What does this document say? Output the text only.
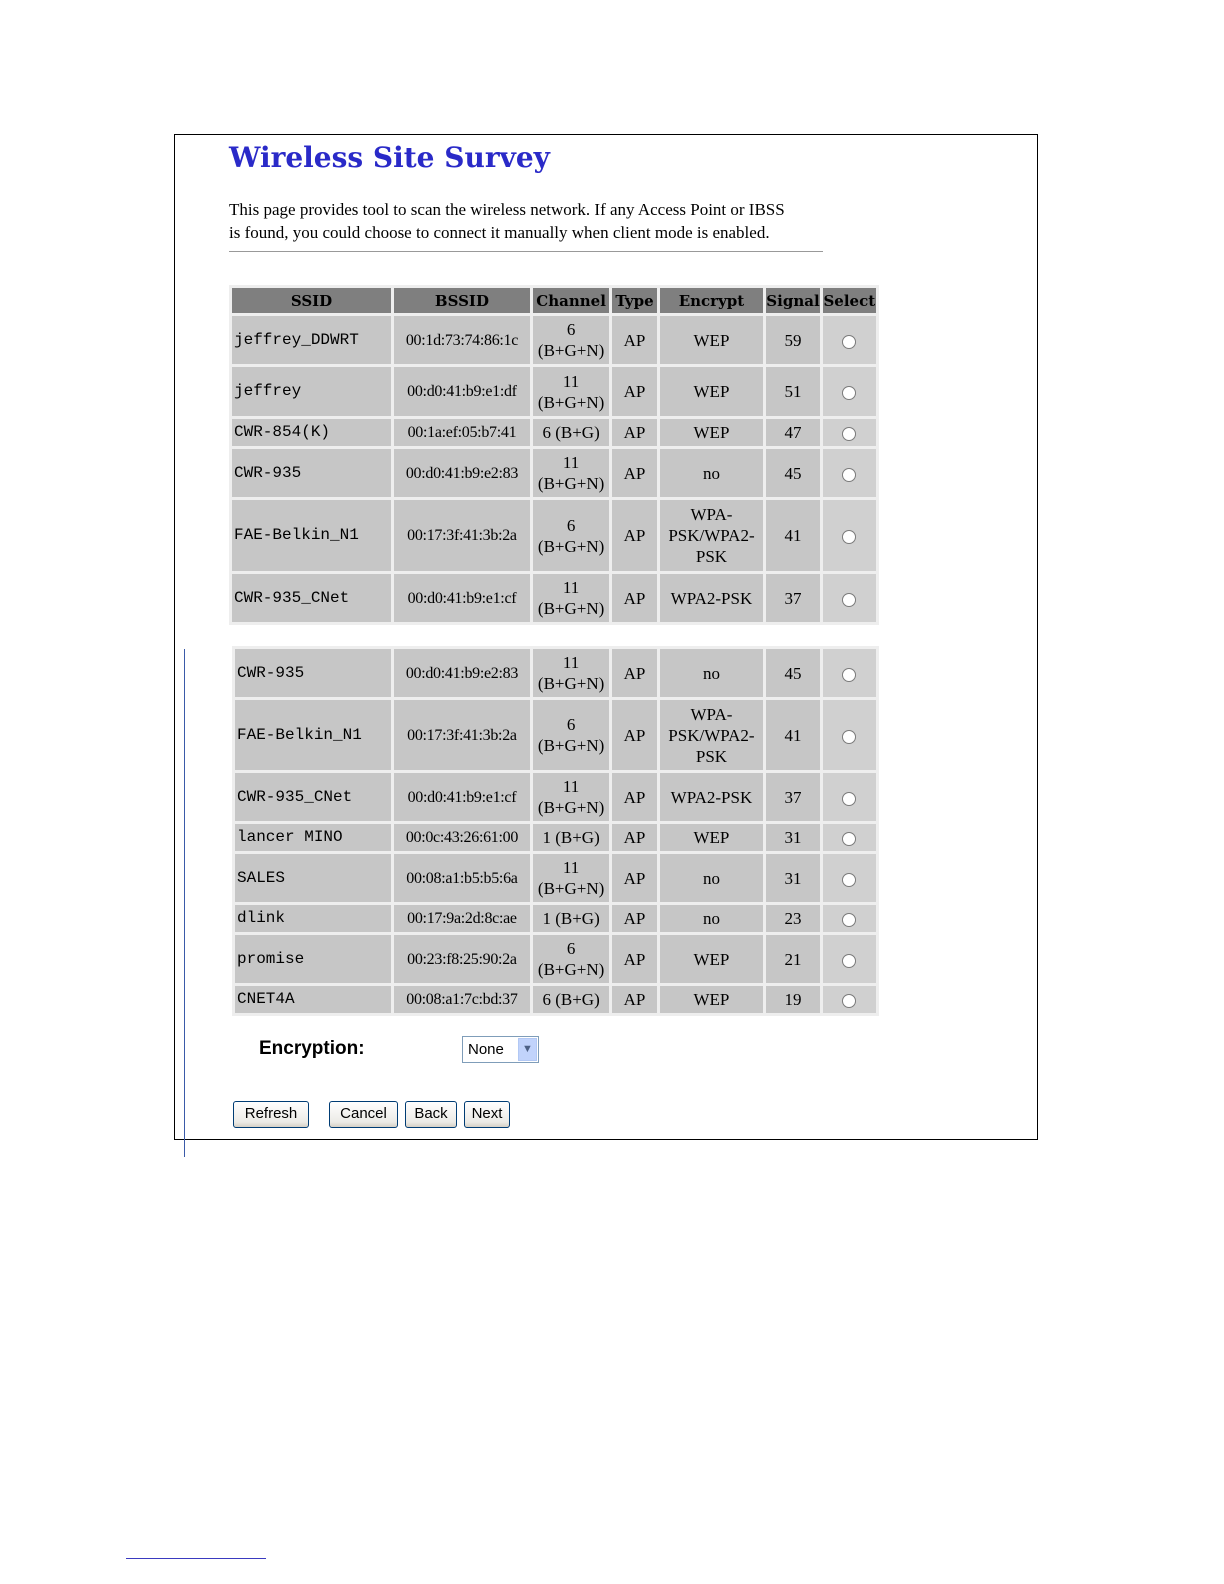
Wireless Site Survey

This page provides tool to scan the wireless network. If any Access Point or IBSS
is found, you could choose to connect it manually when client mode is enabled.

SSID	BSSID	Channel	Type	Encrypt	Signal	Select
jeffrey_DDWRT	00:1d:73:74:86:1c	6
(B+G+N)	AP	WEP	59	
jeffrey	00:d0:41:b9:e1:df	11
(B+G+N)	AP	WEP	51	
CWR-854(K)	00:1a:ef:05:b7:41	6 (B+G)	AP	WEP	47	
CWR-935	00:d0:41:b9:e2:83	11
(B+G+N)	AP	no	45	
FAE-Belkin_N1	00:17:3f:41:3b:2a	6
(B+G+N)	AP	WPA-
PSK/WPA2-
PSK	41	
CWR-935_CNet	00:d0:41:b9:e1:cf	11
(B+G+N)	AP	WPA2-PSK	37	
CWR-935	00:d0:41:b9:e2:83	11
(B+G+N)	AP	no	45	
FAE-Belkin_N1	00:17:3f:41:3b:2a	6
(B+G+N)	AP	WPA-
PSK/WPA2-
PSK	41	
CWR-935_CNet	00:d0:41:b9:e1:cf	11
(B+G+N)	AP	WPA2-PSK	37	
lancer MINO	00:0c:43:26:61:00	1 (B+G)	AP	WEP	31	
SALES	00:08:a1:b5:b5:6a	11
(B+G+N)	AP	no	31	
dlink	00:17:9a:2d:8c:ae	1 (B+G)	AP	no	23	
promise	00:23:f8:25:90:2a	6
(B+G+N)	AP	WEP	21	
CNET4A	00:08:a1:7c:bd:37	6 (B+G)	AP	WEP	19	
Encryption:	None	▼
Refresh	Cancel	Back	Next
